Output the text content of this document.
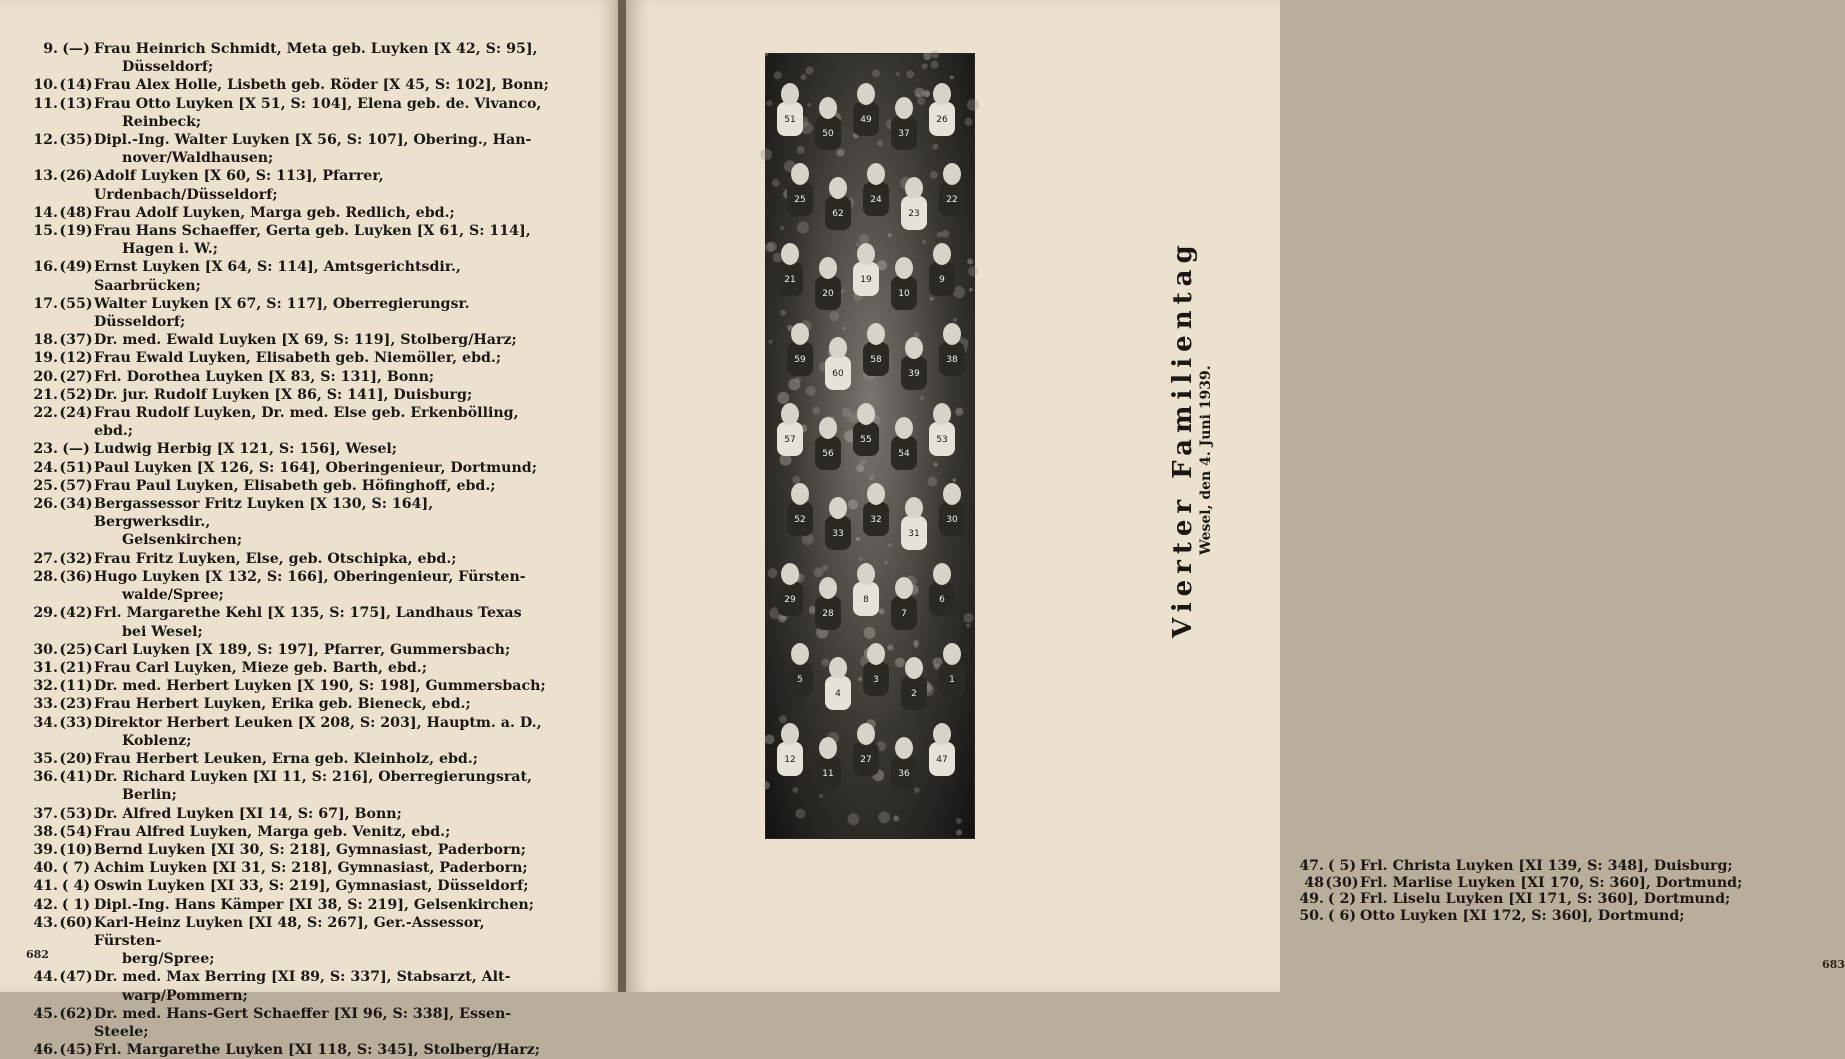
9. (—) Frau Heinrich Schmidt, Meta geb. Luyken [X 42, S: 95],
Düsseldorf;
10. (14) Frau Alex Holle, Lisbeth geb. Röder [X 45, S: 102], Bonn;
11. (13) Frau Otto Luyken [X 51, S: 104], Elena geb. de. Vivanco,
Reinbeck;
12. (35) Dipl.-Ing. Walter Luyken [X 56, S: 107], Obering., Han-
nover/Waldhausen;
13. (26) Adolf Luyken [X 60, S: 113], Pfarrer, Urdenbach/Düsseldorf;
14. (48) Frau Adolf Luyken, Marga geb. Redlich, ebd.;
15. (19) Frau Hans Schaeffer, Gerta geb. Luyken [X 61, S: 114],
Hagen i. W.;
16. (49) Ernst Luyken [X 64, S: 114], Amtsgerichtsdir., Saarbrücken;
17. (55) Walter Luyken [X 67, S: 117], Oberregierungsr. Düsseldorf;
18. (37) Dr. med. Ewald Luyken [X 69, S: 119], Stolberg/Harz;
19. (12) Frau Ewald Luyken, Elisabeth geb. Niemöller, ebd.;
20. (27) Frl. Dorothea Luyken [X 83, S: 131], Bonn;
21. (52) Dr. jur. Rudolf Luyken [X 86, S: 141], Duisburg;
22. (24) Frau Rudolf Luyken, Dr. med. Else geb. Erkenbölling, ebd.;
23. (—) Ludwig Herbig [X 121, S: 156], Wesel;
24. (51) Paul Luyken [X 126, S: 164], Oberingenieur, Dortmund;
25. (57) Frau Paul Luyken, Elisabeth geb. Höfinghoff, ebd.;
26. (34) Bergassessor Fritz Luyken [X 130, S: 164], Bergwerksdir.,
Gelsenkirchen;
27. (32) Frau Fritz Luyken, Else, geb. Otschipka, ebd.;
28. (36) Hugo Luyken [X 132, S: 166], Oberingenieur, Fürsten-
walde/Spree;
29. (42) Frl. Margarethe Kehl [X 135, S: 175], Landhaus Texas
bei Wesel;
30. (25) Carl Luyken [X 189, S: 197], Pfarrer, Gummersbach;
31. (21) Frau Carl Luyken, Mieze geb. Barth, ebd.;
32. (11) Dr. med. Herbert Luyken [X 190, S: 198], Gummersbach;
33. (23) Frau Herbert Luyken, Erika geb. Bieneck, ebd.;
34. (33) Direktor Herbert Leuken [X 208, S: 203], Hauptm. a. D.,
Koblenz;
35. (20) Frau Herbert Leuken, Erna geb. Kleinholz, ebd.;
36. (41) Dr. Richard Luyken [XI 11, S: 216], Oberregierungsrat,
Berlin;
37. (53) Dr. Alfred Luyken [XI 14, S: 67], Bonn;
38. (54) Frau Alfred Luyken, Marga geb. Venitz, ebd.;
39. (10) Bernd Luyken [XI 30, S: 218], Gymnasiast, Paderborn;
40. ( 7) Achim Luyken [XI 31, S: 218], Gymnasiast, Paderborn;
41. ( 4) Oswin Luyken [XI 33, S: 219], Gymnasiast, Düsseldorf;
42. ( 1) Dipl.-Ing. Hans Kämper [XI 38, S: 219], Gelsenkirchen;
43. (60) Karl-Heinz Luyken [XI 48, S: 267], Ger.-Assessor, Fürsten-
berg/Spree;
44. (47) Dr. med. Max Berring [XI 89, S: 337], Stabsarzt, Alt-
warp/Pommern;
45. (62) Dr. med. Hans-Gert Schaeffer [XI 96, S: 338], Essen-Steele;
46. (45) Frl. Margarethe Luyken [XI 118, S: 345], Stolberg/Harz;
682
683
47. ( 5) Frl. Christa Luyken [XI 139, S: 348], Duisburg;
48 (30) Frl. Marlise Luyken [XI 170, S: 360], Dortmund;
49. ( 2) Frl. Liselu Luyken [XI 171, S: 360], Dortmund;
50. ( 6) Otto Luyken [XI 172, S: 360], Dortmund;
51
50
49
37
26
25
62
24
23
22
21
20
19
10
9
59
60
58
39
38
57
56
55
54
53
52
33
32
31
30
29
28
8
7
6
5
4
3
2
1
12
11
27
36
47
Vierter Familientag Wesel, den 4. Juni 1939.
